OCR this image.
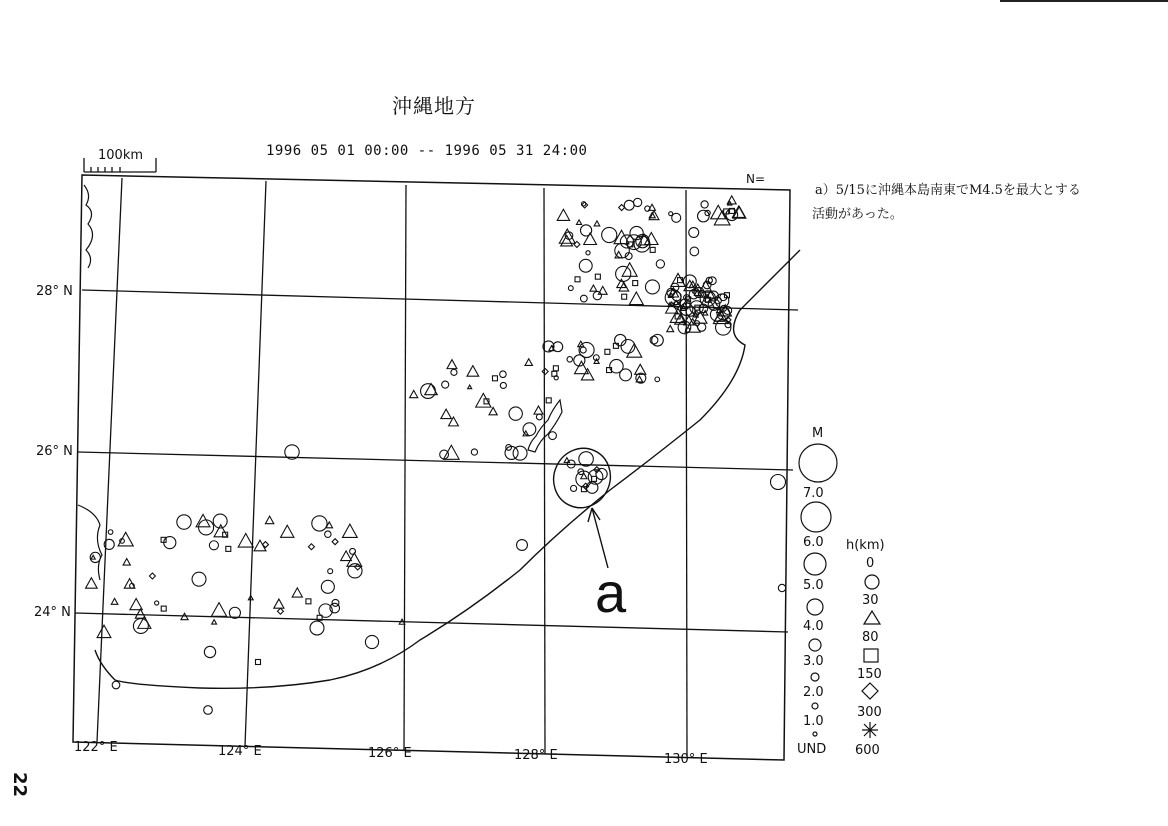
沖縄地方
1996 05 01 00:00 -- 1996 05 31 24:00
100km
N=
a）5/15に沖縄本島南東でM4.5を最大とする
活動があった。
22
28° N
26° N
24° N
122° E	124° E	126° E	128° E	130° E
a
M
7.0
6.0
5.0
4.0
3.0
2.0
1.0
UND
h(km)
0
30
80
150
300
600
